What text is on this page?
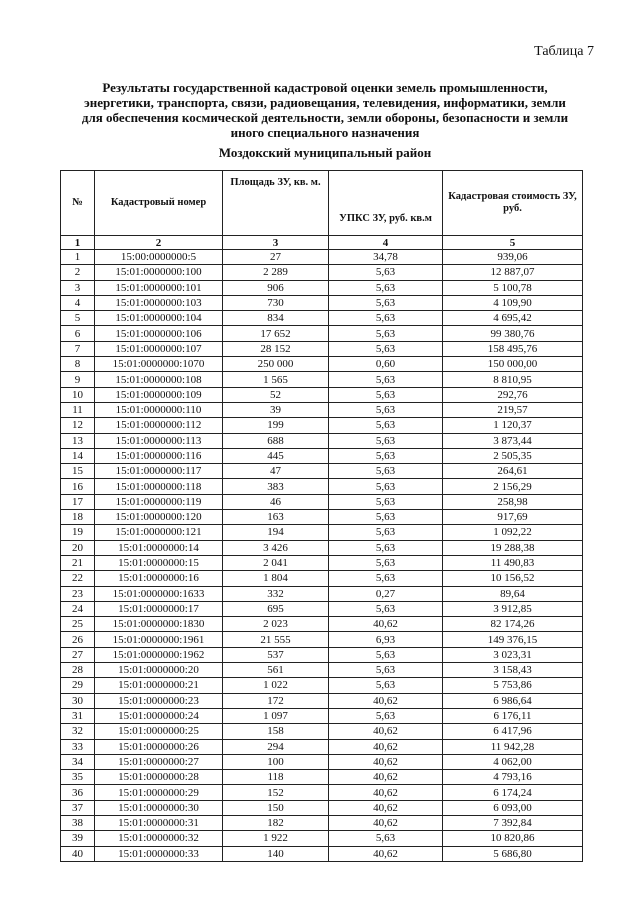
Таблица 7
Результаты государственной кадастровой оценки земель промышленности,
энергетики, транспорта, связи, радиовещания, телевидения, информатики, земли
для обеспечения космической деятельности, земли обороны, безопасности и земли
иного специального назначения
Моздокский муниципальный район
№	Кадастровый номер	Площадь ЗУ, кв. м.	УПКС ЗУ, руб. кв.м	Кадастровая стоимость ЗУ, руб.
1	2	3	4	5
1	15:00:0000000:5	27	34,78	939,06
2	15:01:0000000:100	2 289	5,63	12 887,07
3	15:01:0000000:101	906	5,63	5 100,78
4	15:01:0000000:103	730	5,63	4 109,90
5	15:01:0000000:104	834	5,63	4 695,42
6	15:01:0000000:106	17 652	5,63	99 380,76
7	15:01:0000000:107	28 152	5,63	158 495,76
8	15:01:0000000:1070	250 000	0,60	150 000,00
9	15:01:0000000:108	1 565	5,63	8 810,95
10	15:01:0000000:109	52	5,63	292,76
11	15:01:0000000:110	39	5,63	219,57
12	15:01:0000000:112	199	5,63	1 120,37
13	15:01:0000000:113	688	5,63	3 873,44
14	15:01:0000000:116	445	5,63	2 505,35
15	15:01:0000000:117	47	5,63	264,61
16	15:01:0000000:118	383	5,63	2 156,29
17	15:01:0000000:119	46	5,63	258,98
18	15:01:0000000:120	163	5,63	917,69
19	15:01:0000000:121	194	5,63	1 092,22
20	15:01:0000000:14	3 426	5,63	19 288,38
21	15:01:0000000:15	2 041	5,63	11 490,83
22	15:01:0000000:16	1 804	5,63	10 156,52
23	15:01:0000000:1633	332	0,27	89,64
24	15:01:0000000:17	695	5,63	3 912,85
25	15:01:0000000:1830	2 023	40,62	82 174,26
26	15:01:0000000:1961	21 555	6,93	149 376,15
27	15:01:0000000:1962	537	5,63	3 023,31
28	15:01:0000000:20	561	5,63	3 158,43
29	15:01:0000000:21	1 022	5,63	5 753,86
30	15:01:0000000:23	172	40,62	6 986,64
31	15:01:0000000:24	1 097	5,63	6 176,11
32	15:01:0000000:25	158	40,62	6 417,96
33	15:01:0000000:26	294	40,62	11 942,28
34	15:01:0000000:27	100	40,62	4 062,00
35	15:01:0000000:28	118	40,62	4 793,16
36	15:01:0000000:29	152	40,62	6 174,24
37	15:01:0000000:30	150	40,62	6 093,00
38	15:01:0000000:31	182	40,62	7 392,84
39	15:01:0000000:32	1 922	5,63	10 820,86
40	15:01:0000000:33	140	40,62	5 686,80
